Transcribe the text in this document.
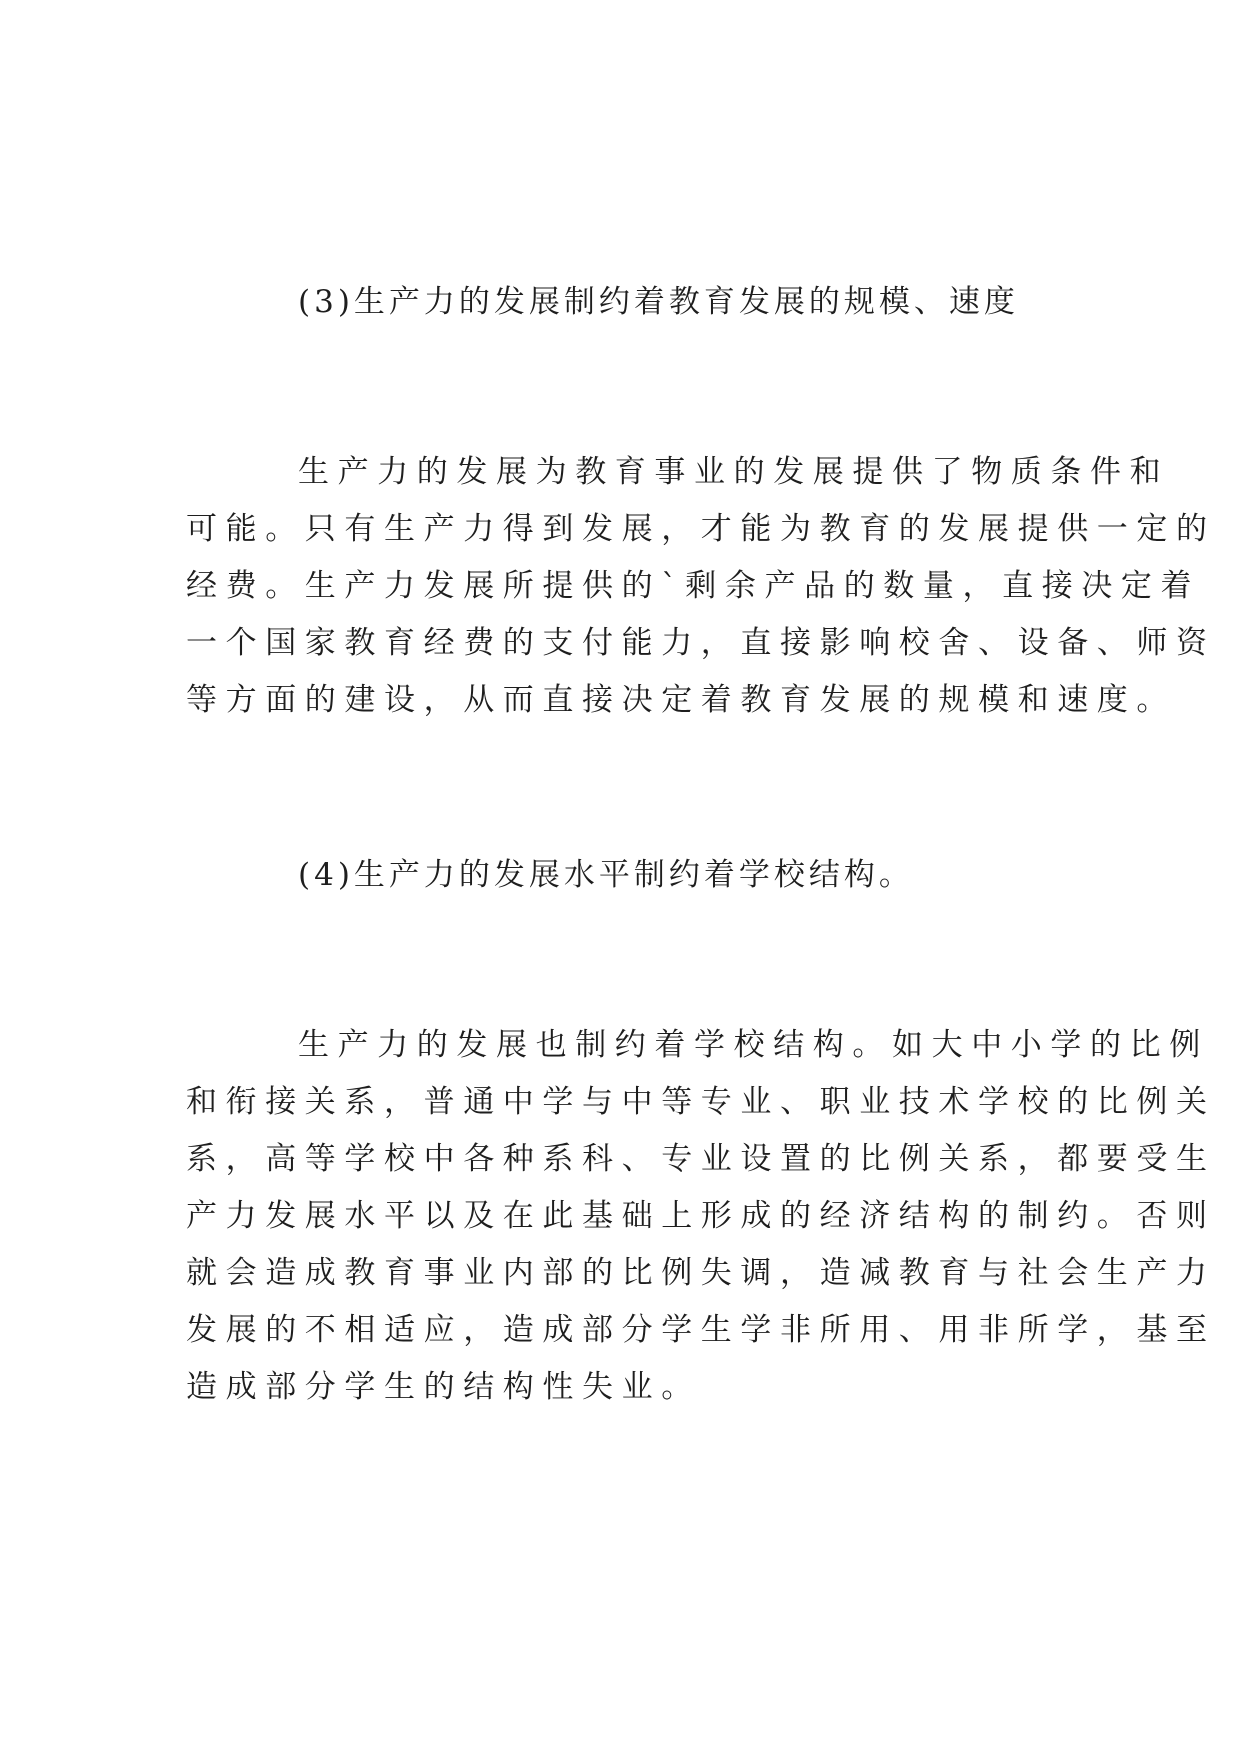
(3)生产力的发展制约着教育发展的规模、速度

生产力的发展为教育事业的发展提供了物质条件和

可能。只有生产力得到发展，才能为教育的发展提供一定的

经费。生产力发展所提供的`剩余产品的数量，直接决定着

一个国家教育经费的支付能力，直接影响校舍、设备、师资

等方面的建设，从而直接决定着教育发展的规模和速度。

(4)生产力的发展水平制约着学校结构。

生产力的发展也制约着学校结构。如大中小学的比例

和衔接关系，普通中学与中等专业、职业技术学校的比例关

系，高等学校中各种系科、专业设置的比例关系，都要受生

产力发展水平以及在此基础上形成的经济结构的制约。否则

就会造成教育事业内部的比例失调，造减教育与社会生产力

发展的不相适应，造成部分学生学非所用、用非所学，基至

造成部分学生的结构性失业。
